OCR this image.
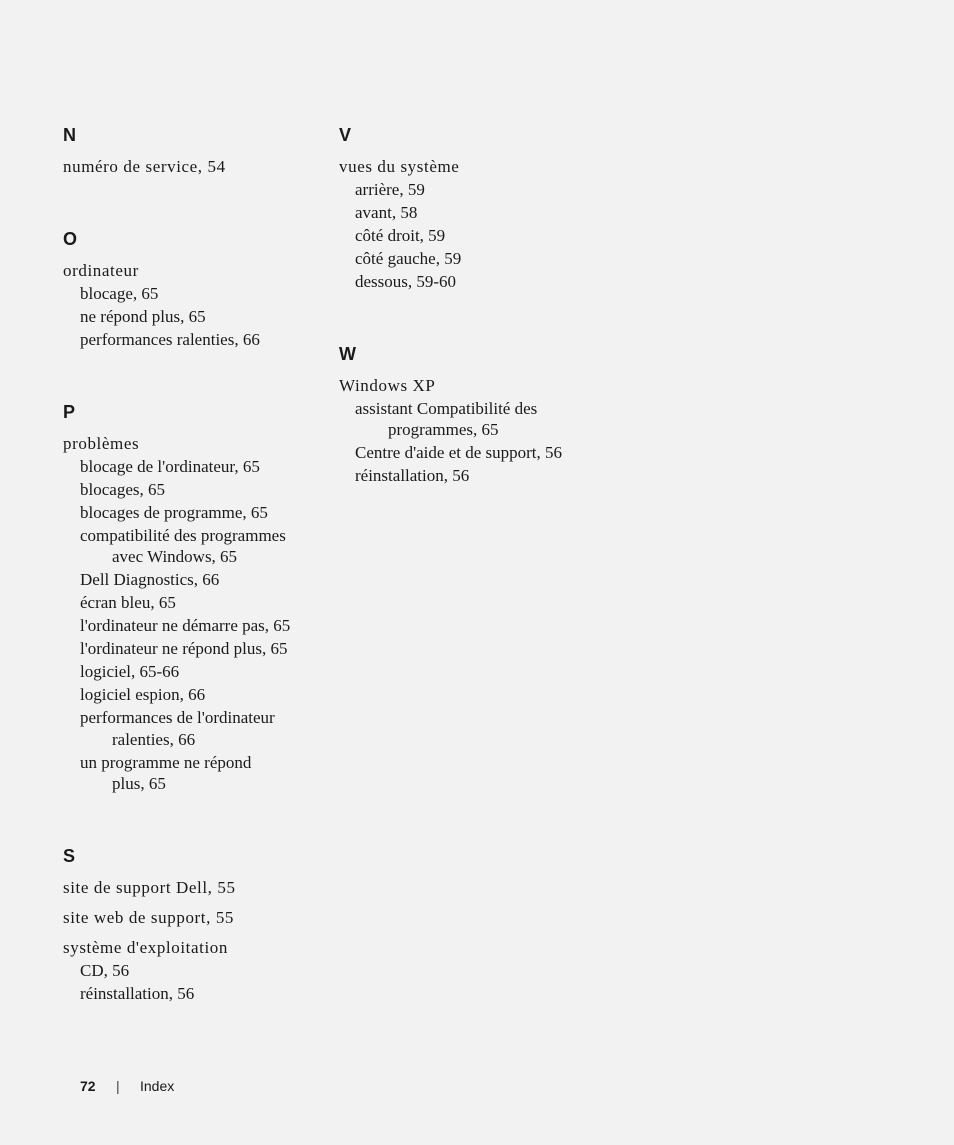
N
numéro de service, 54
O
ordinateur
blocage, 65
ne répond plus, 65
performances ralenties, 66
P
problèmes
blocage de l'ordinateur, 65
blocages, 65
blocages de programme, 65
compatibilité des programmes
avec Windows, 65
Dell Diagnostics, 66
écran bleu, 65
l'ordinateur ne démarre pas, 65
l'ordinateur ne répond plus, 65
logiciel, 65-66
logiciel espion, 66
performances de l'ordinateur
ralenties, 66
un programme ne répond
plus, 65
S
site de support Dell, 55
site web de support, 55
système d'exploitation
CD, 56
réinstallation, 56
V
vues du système
arrière, 59
avant, 58
côté droit, 59
côté gauche, 59
dessous, 59-60
W
Windows XP
assistant Compatibilité des
programmes, 65
Centre d'aide et de support, 56
réinstallation, 56
72 | Index
